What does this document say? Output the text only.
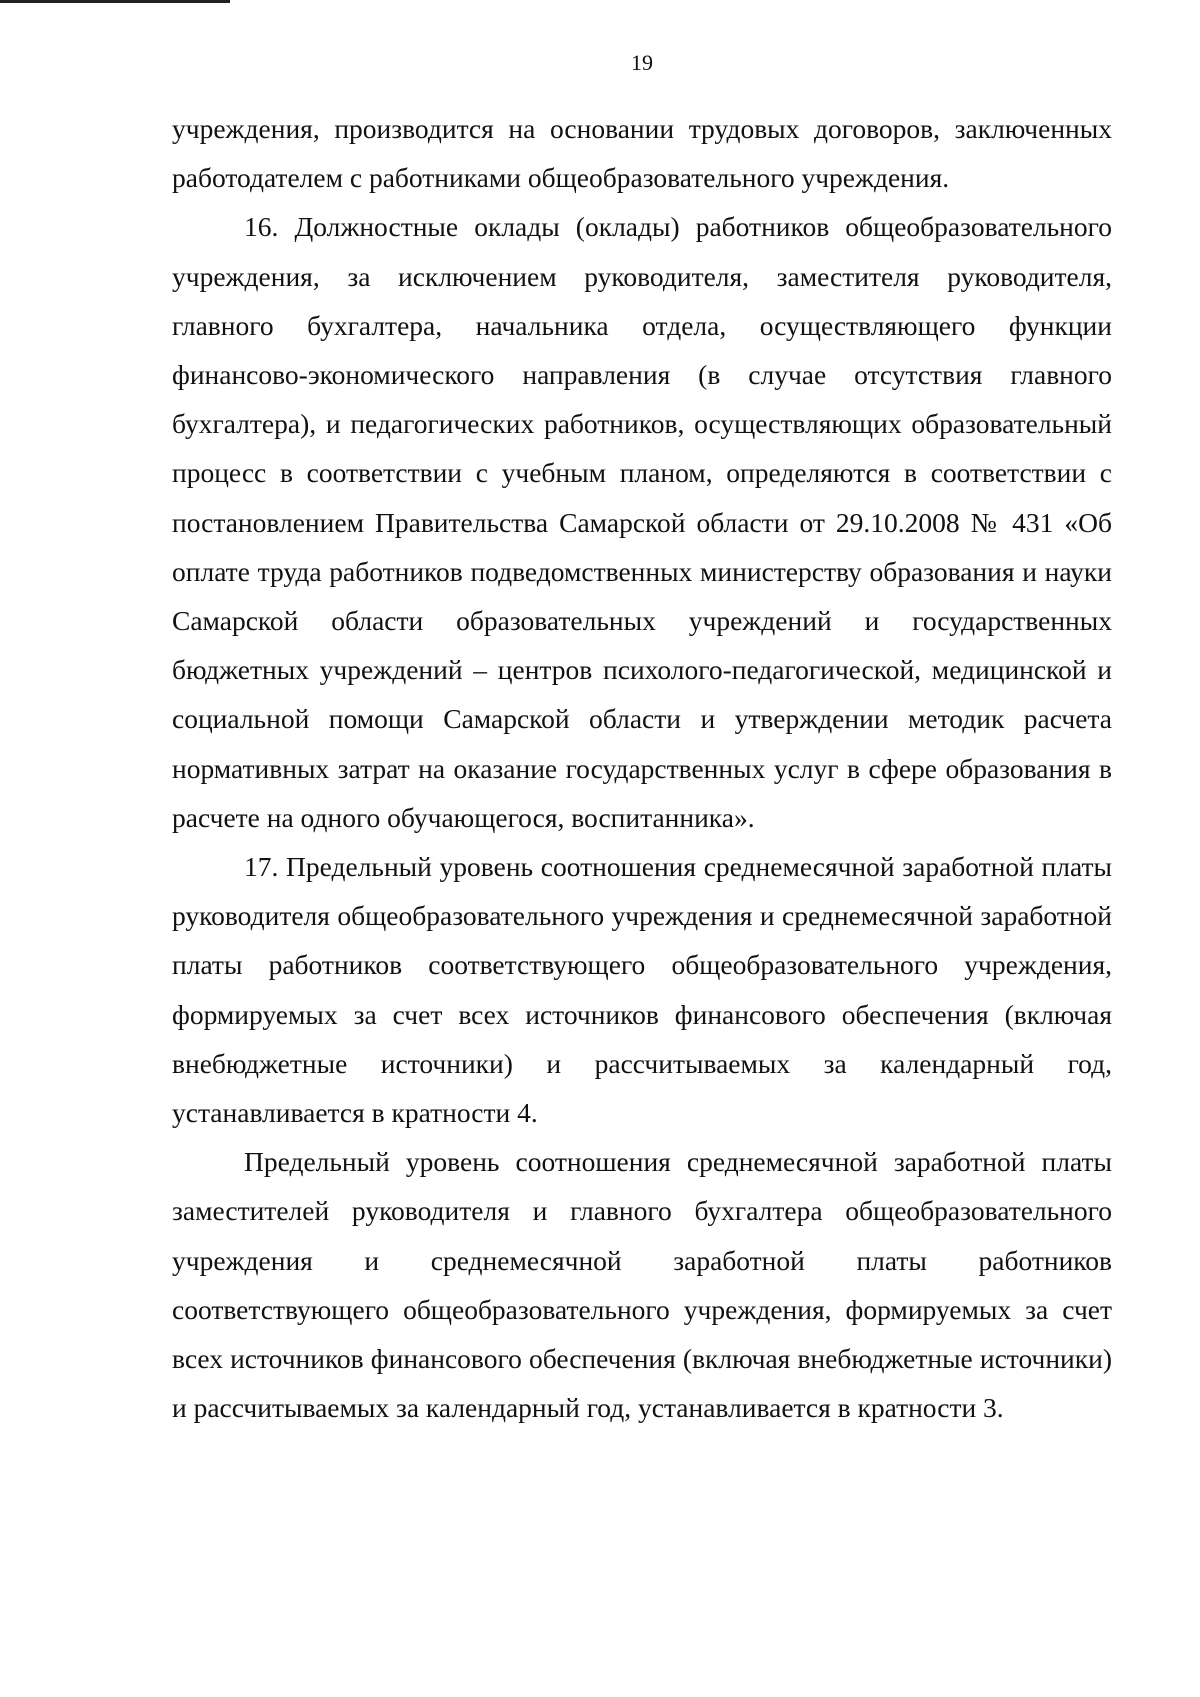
19

учреждения, производится на основании трудовых договоров, заключенных работодателем с работниками общеобразовательного учреждения.

16. Должностные оклады (оклады) работников общеобразовательного учреждения, за исключением руководителя, заместителя руководителя, главного бухгалтера, начальника отдела, осуществляющего функции финансово-экономического направления (в случае отсутствия главного бухгалтера), и педагогических работников, осуществляющих образовательный процесс в соответствии с учебным планом, определяются в соответствии с постановлением Правительства Самарской области от 29.10.2008 № 431 «Об оплате труда работников подведомственных министерству образования и науки Самарской области образовательных учреждений и государственных бюджетных учреждений – центров психолого-педагогической, медицинской и социальной помощи Самарской области и утверждении методик расчета нормативных затрат на оказание государственных услуг в сфере образования в расчете на одного обучающегося, воспитанника».

17. Предельный уровень соотношения среднемесячной заработной платы руководителя общеобразовательного учреждения и среднемесячной заработной платы работников соответствующего общеобразовательного учреждения, формируемых за счет всех источников финансового обеспечения (включая внебюджетные источники) и рассчитываемых за календарный год, устанавливается в кратности 4.

Предельный уровень соотношения среднемесячной заработной платы заместителей руководителя и главного бухгалтера общеобразовательного учреждения и среднемесячной заработной платы работников соответствующего общеобразовательного учреждения, формируемых за счет всех источников финансового обеспечения (включая внебюджетные источники) и рассчитываемых за календарный год, устанавливается в кратности 3.
